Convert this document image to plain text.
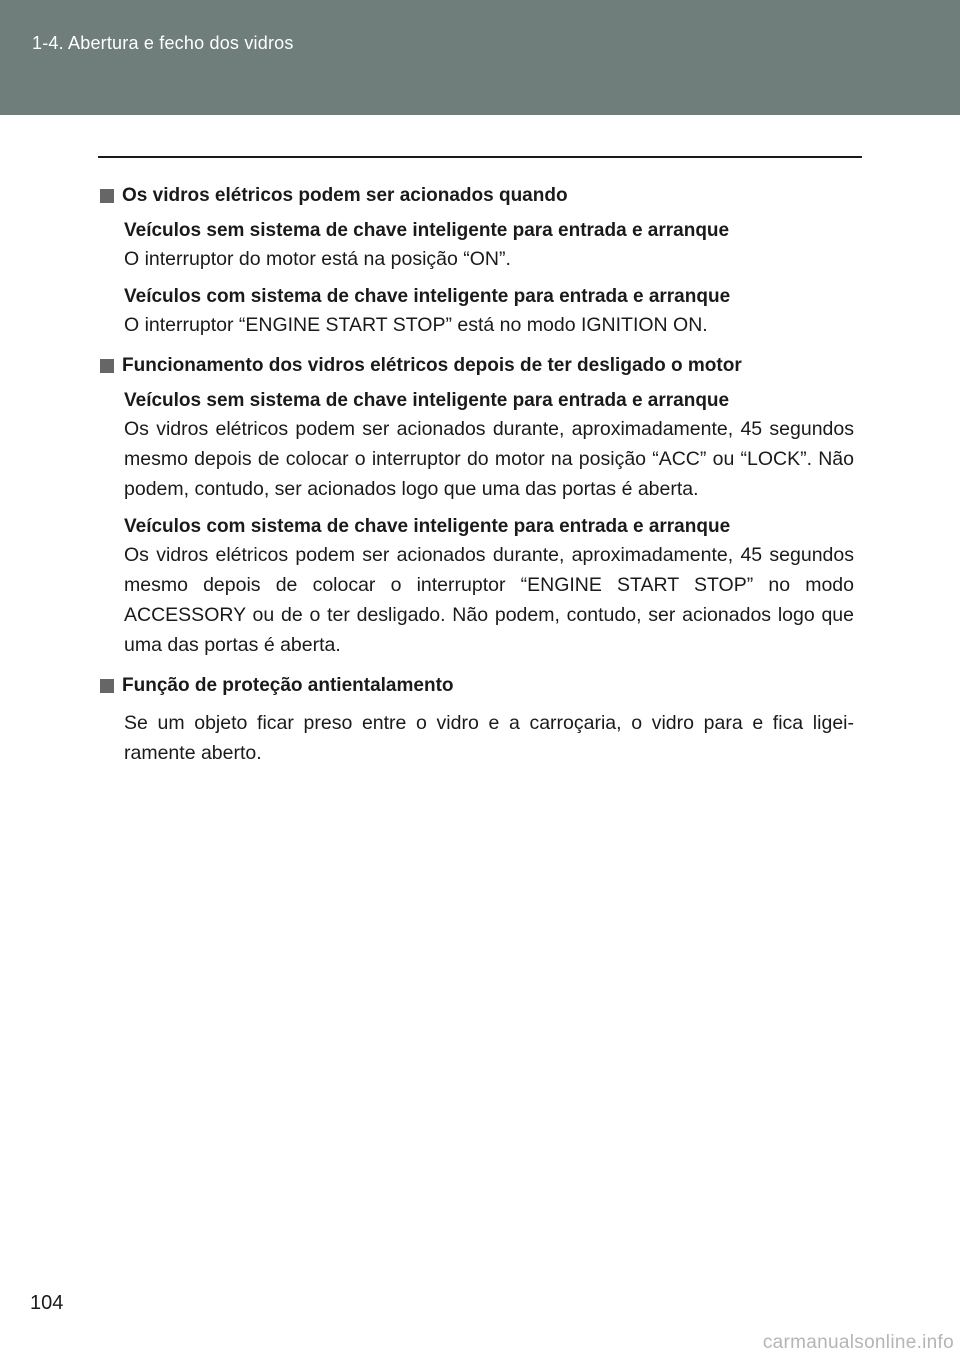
1-4. Abertura e fecho dos vidros
Os vidros elétricos podem ser acionados quando
Veículos sem sistema de chave inteligente para entrada e arranque
O interruptor do motor está na posição “ON”.
Veículos com sistema de chave inteligente para entrada e arranque
O interruptor “ENGINE START STOP” está no modo IGNITION ON.
Funcionamento dos vidros elétricos depois de ter desligado o motor
Veículos sem sistema de chave inteligente para entrada e arranque
Os vidros elétricos podem ser acionados durante, aproximadamente, 45 segundos mesmo depois de colocar o interruptor do motor na posição “ACC” ou “LOCK”. Não podem, contudo, ser acionados logo que uma das portas é aberta.
Veículos com sistema de chave inteligente para entrada e arranque
Os vidros elétricos podem ser acionados durante, aproximadamente, 45 segundos mesmo depois de colocar o interruptor “ENGINE START STOP” no modo ACCESSORY ou de o ter desligado. Não podem, contudo, ser acionados logo que uma das portas é aberta.
Função de proteção antientalamento
Se um objeto ficar preso entre o vidro e a carroçaria, o vidro para e fica ligei-ramente aberto.
104
carmanualsonline.info
